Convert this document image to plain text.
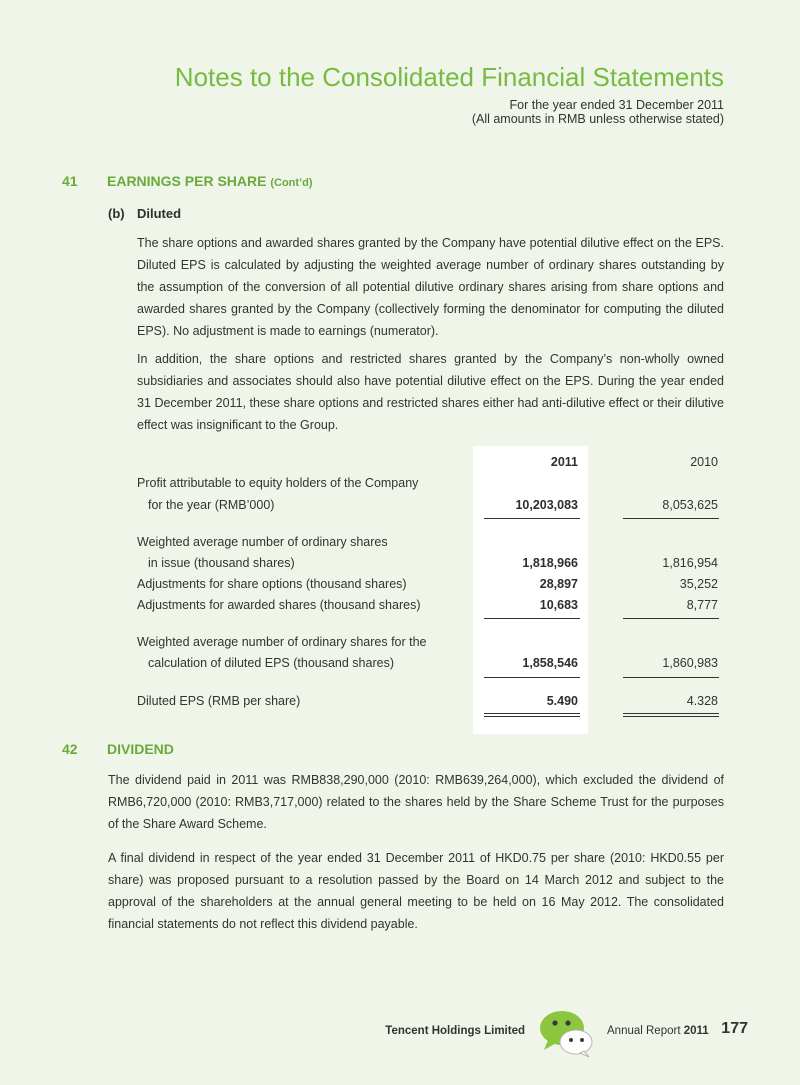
Notes to the Consolidated Financial Statements
For the year ended 31 December 2011
(All amounts in RMB unless otherwise stated)
41 EARNINGS PER SHARE (Cont’d)
(b) Diluted

The share options and awarded shares granted by the Company have potential dilutive effect on the EPS. Diluted EPS is calculated by adjusting the weighted average number of ordinary shares outstanding by the assumption of the conversion of all potential dilutive ordinary shares arising from share options and awarded shares granted by the Company (collectively forming the denominator for computing the diluted EPS). No adjustment is made to earnings (numerator).

In addition, the share options and restricted shares granted by the Company’s non-wholly owned subsidiaries and associates should also have potential dilutive effect on the EPS. During the year ended 31 December 2011, these share options and restricted shares either had anti-dilutive effect or their dilutive effect was insignificant to the Group.

2011	2010
Profit attributable to equity holders of the Company
for the year (RMB’000)	10,203,083	8,053,625
Weighted average number of ordinary shares
in issue (thousand shares)	1,818,966	1,816,954
Adjustments for share options (thousand shares)	28,897	35,252
Adjustments for awarded shares (thousand shares)	10,683	8,777
Weighted average number of ordinary shares for the
calculation of diluted EPS (thousand shares)	1,858,546	1,860,983
Diluted EPS (RMB per share)	5.490	4.328
42 DIVIDEND

The dividend paid in 2011 was RMB838,290,000 (2010: RMB639,264,000), which excluded the dividend of RMB6,720,000 (2010: RMB3,717,000) related to the shares held by the Share Scheme Trust for the purposes of the Share Award Scheme.

A final dividend in respect of the year ended 31 December 2011 of HKD0.75 per share (2010: HKD0.55 per share) was proposed pursuant to a resolution passed by the Board on 14 March 2012 and subject to the approval of the shareholders at the annual general meeting to be held on 16 May 2012. The consolidated financial statements do not reflect this dividend payable.

Tencent Holdings Limited	Annual Report 2011 177
